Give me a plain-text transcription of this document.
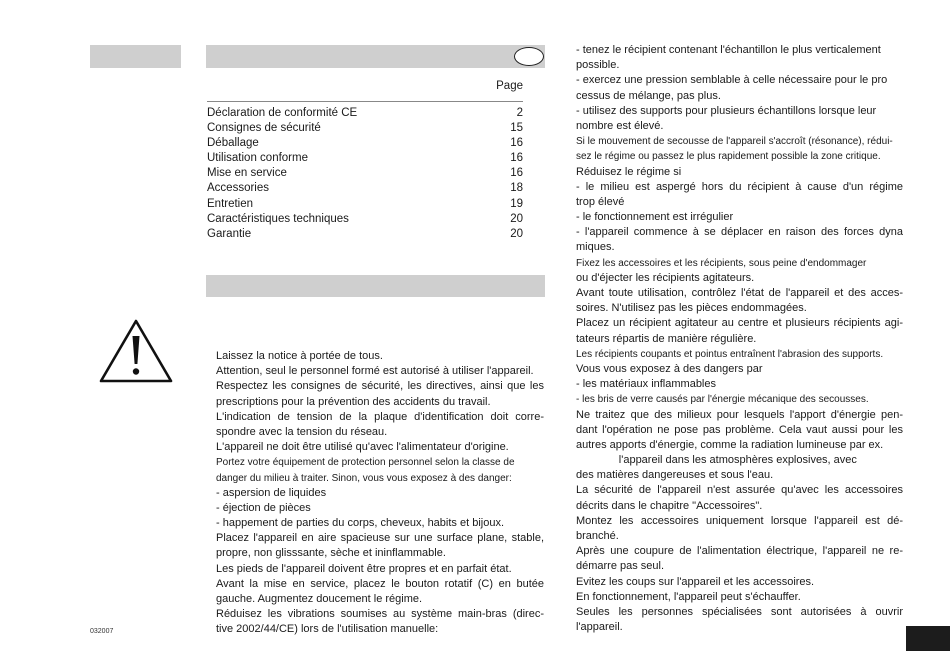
Page
Déclaration de conformité CE	2
Consignes de sécurité	15
Déballage	16
Utilisation conforme	16
Mise en service	16
Accessories	18
Entretien	19
Caractéristiques techniques	20
Garantie	20
Laissez la notice à portée de tous.
Attention, seul le personnel formé est autorisé à utiliser l'appareil.
Respectez les consignes de sécurité, les directives, ainsi que les
prescriptions pour la prévention des accidents du travail.
L'indication de tension de la plaque d'identification doit corre-
spondre avec la tension du réseau.
L'appareil ne doit être utilisé qu'avec l'alimentateur d'origine.
Portez votre équipement de protection personnel selon la classe de
danger du milieu à traiter. Sinon, vous vous exposez à des danger:
- aspersion de liquides
- éjection de pièces
- happement de parties du corps, cheveux, habits et bijoux.
Placez l'appareil en aire spacieuse sur une surface plane, stable,
propre, non glisssante, sèche et ininflammable.
Les pieds de l'appareil doivent être propres et en parfait état.
Avant la mise en service, placez le bouton rotatif (C) en butée
gauche. Augmentez doucement le régime.
Réduisez les vibrations soumises au système main-bras (direc-
tive 2002/44/CE) lors de l'utilisation manuelle:
- tenez le récipient contenant l'échantillon le plus verticalement
possible.
- exercez une pression semblable à celle nécessaire pour le pro
cessus de mélange, pas plus.
- utilisez des supports pour plusieurs échantillons lorsque leur
nombre est élevé.
Si le mouvement de secousse de l'appareil s'accroît (résonance), rédui-
sez le régime ou passez le plus rapidement possible la zone critique.
Réduisez le régime si
- le milieu est aspergé hors du récipient à cause d'un régime
trop élevé
- le fonctionnement est irrégulier
- l'appareil commence à se déplacer en raison des forces dyna
miques.
Fixez les accessoires et les récipients, sous peine d'endommager
ou d'éjecter les récipients agitateurs.
Avant toute utilisation, contrôlez l'état de l'appareil et des acces-
soires. N'utilisez pas les pièces endommagées.
Placez un récipient agitateur au centre et plusieurs récipients agi-
tateurs répartis de manière régulière.
Les récipients coupants et pointus entraînent l'abrasion des supports.
Vous vous exposez à des dangers par
- les matériaux inflammables
- les bris de verre causés par l'énergie mécanique des secousses.
Ne traitez que des milieux pour lesquels l'apport d'énergie pen-
dant l'opération ne pose pas problème. Cela vaut aussi pour les
autres apports d'énergie, comme la radiation lumineuse par ex.
l'appareil dans les atmosphères explosives, avec
des matières dangereuses et sous l'eau.
La sécurité de l'appareil n'est assurée qu'avec les accessoires
décrits dans le chapitre "Accessoires".
Montez les accessoires uniquement lorsque l'appareil est dé-
branché.
Après une coupure de l'alimentation électrique, l'appareil ne re-
démarre pas seul.
Evitez les coups sur l'appareil et les accessoires.
En fonctionnement, l'appareil peut s'échauffer.
Seules les personnes spécialisées sont autorisées à ouvrir
l'appareil.
032007
